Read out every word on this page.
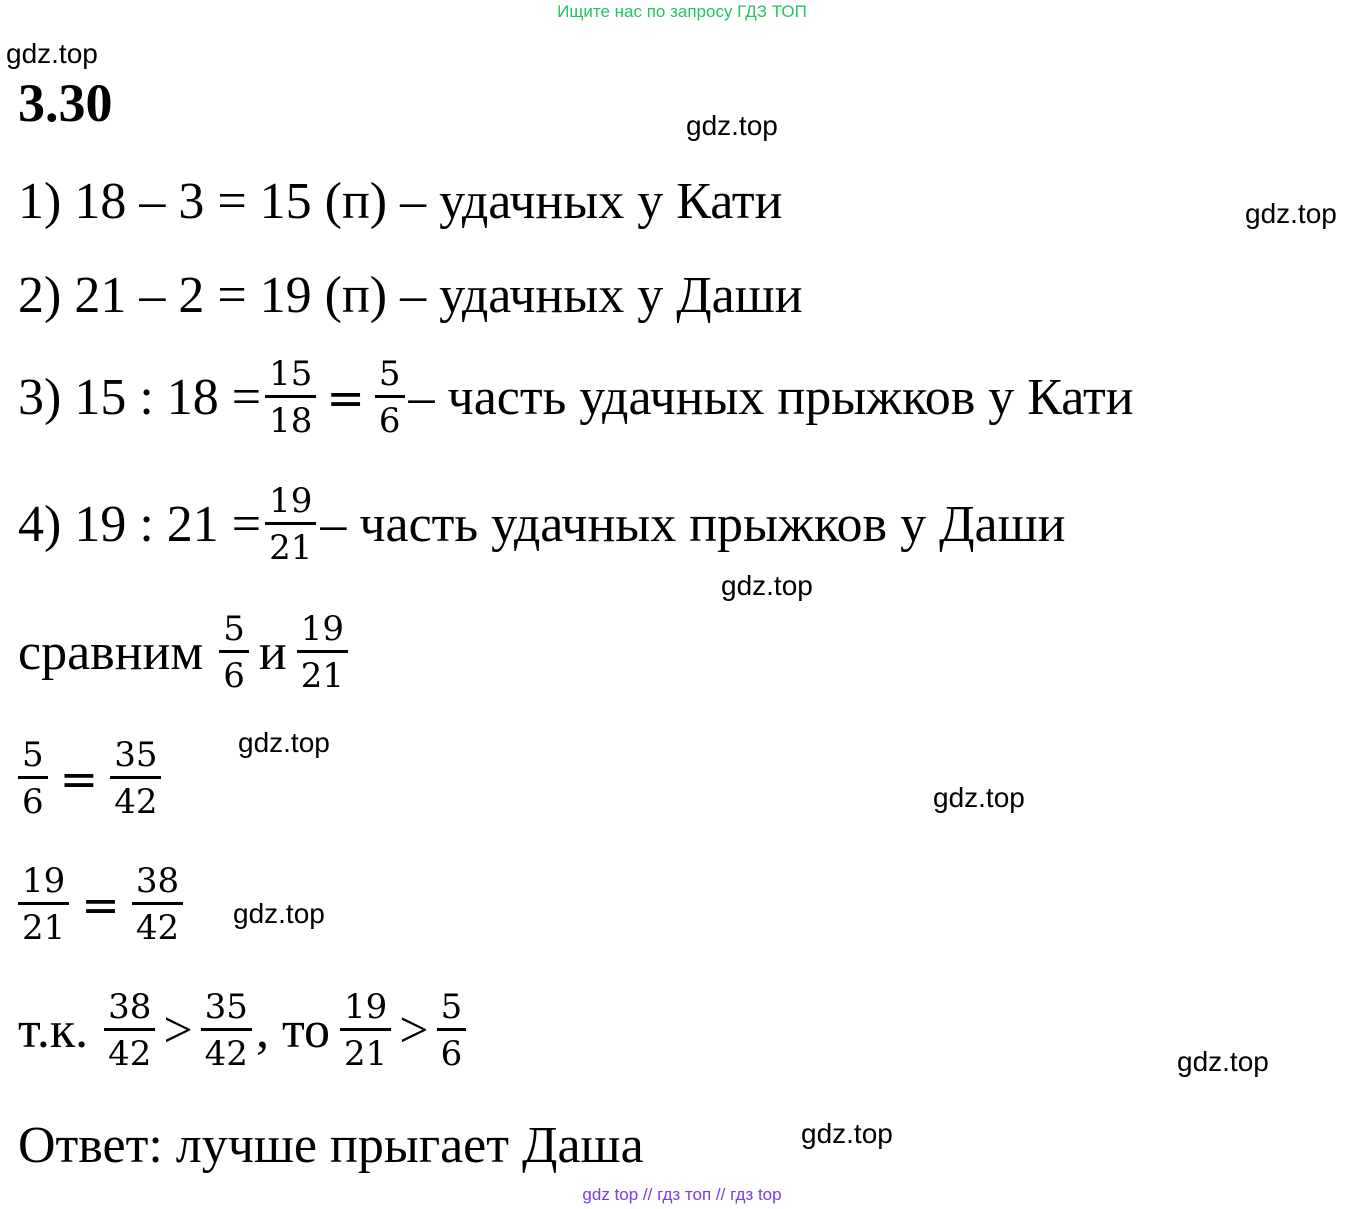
Ищите нас по запросу ГДЗ ТОП
gdz.top
gdz.top
gdz.top
gdz.top
gdz.top
gdz.top
gdz.top
gdz.top
gdz.top
3.30
1) 18 – 3 = 15 (п) – удачных у Кати
2) 21 – 2 = 19 (п) – удачных у Даши
3) 15 : $18 = \frac{15}{18} = \frac{5}{6}$ – часть удачных прыжков у Кати
4) 19 : $21 = \frac{19}{21}$ – часть удачных прыжков у Даши
сравним $\frac{5}{6}$ и $\frac{19}{21}$
$\frac{5}{6} = \frac{35}{42}$
$\frac{19}{21} = \frac{38}{42}$
т.к. $\frac{38}{42} > \frac{35}{42}$ , то $\frac{19}{21} > \frac{5}{6}$
Ответ: лучше прыгает Даша
gdz top // гдз топ // гдз top
